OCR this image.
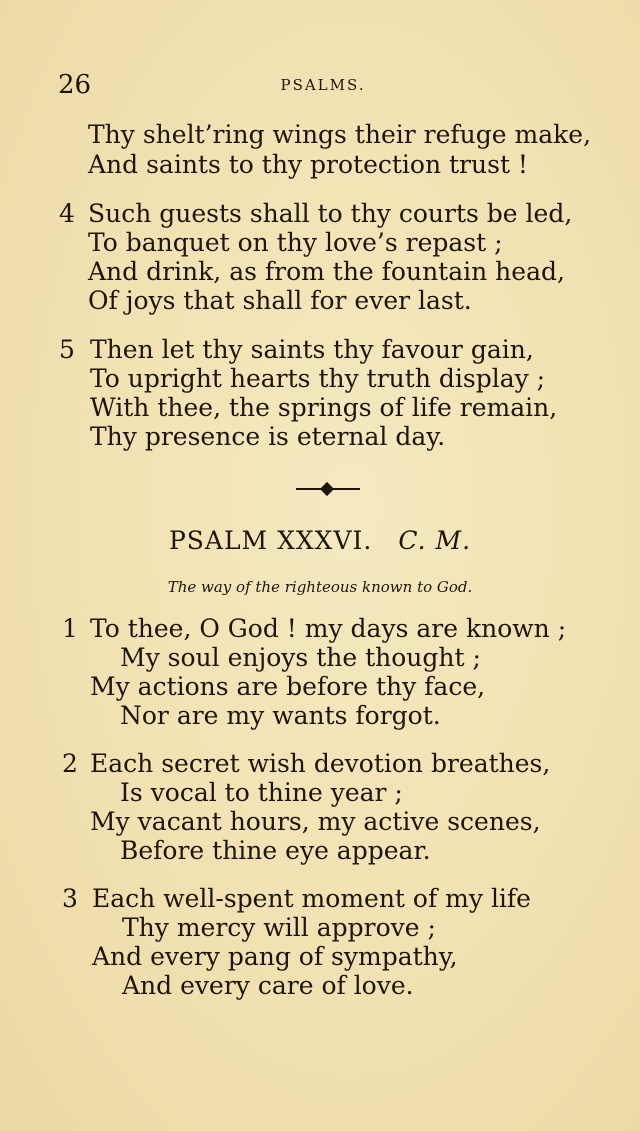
26	PSALMS.
Thy shelt’ring wings their refuge make,
And saints to thy protection trust !
4 Such guests shall to thy courts be led,
To banquet on thy love’s repast ;
And drink, as from the fountain head,
Of joys that shall for ever last.
5 Then let thy saints thy favour gain,
To upright hearts thy truth display ;
With thee, the springs of life remain,
Thy presence is eternal day.
PSALM XXXVI. C. M.
The way of the righteous known to God.
1 To thee, O God ! my days are known ;
My soul enjoys the thought ;
My actions are before thy face,
Nor are my wants forgot.
2 Each secret wish devotion breathes,
Is vocal to thine year ;
My vacant hours, my active scenes,
Before thine eye appear.
3 Each well-spent moment of my life
Thy mercy will approve ;
And every pang of sympathy,
And every care of love.
